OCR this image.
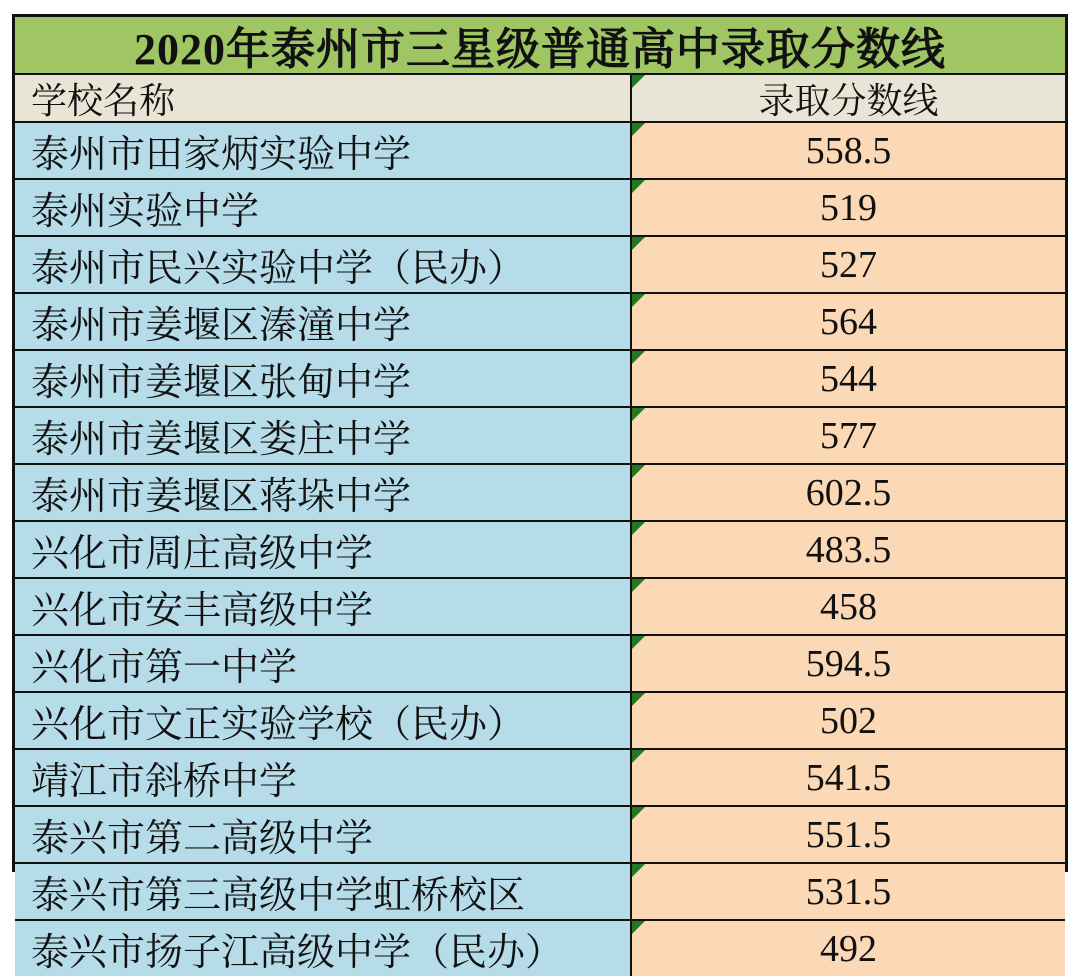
2020年泰州市三星级普通高中录取分数线
学校名称	录取分数线
泰州市田家炳实验中学	558.5
泰州实验中学	519
泰州市民兴实验中学（民办）	527
泰州市姜堰区溱潼中学	564
泰州市姜堰区张甸中学	544
泰州市姜堰区娄庄中学	577
泰州市姜堰区蒋垛中学	602.5
兴化市周庄高级中学	483.5
兴化市安丰高级中学	458
兴化市第一中学	594.5
兴化市文正实验学校（民办）	502
靖江市斜桥中学	541.5
泰兴市第二高级中学	551.5
泰兴市第三高级中学虹桥校区	531.5
泰兴市扬子江高级中学（民办）	492
